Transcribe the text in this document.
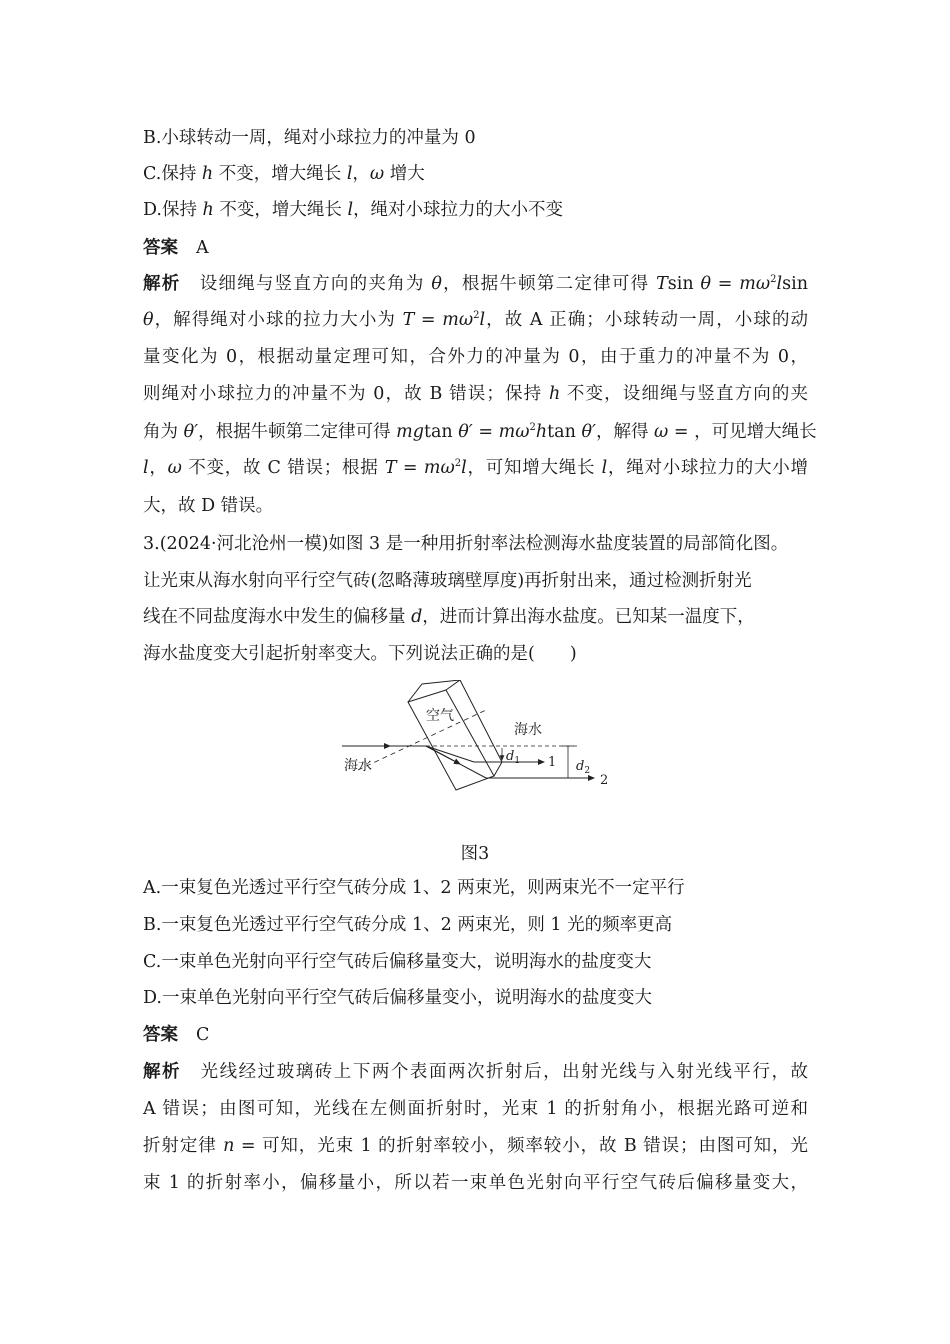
B.小球转动一周，绳对小球拉力的冲量为 0
C.保持 h 不变，增大绳长 l，ω 增大
D.保持 h 不变，增大绳长 l，绳对小球拉力的大小不变
答案 A
解析 设细绳与竖直方向的夹角为 θ，根据牛顿第二定律可得 Tsin $\theta = m\omega^2lsin$
θ，解得绳对小球的拉力大小为 $T = m\omega^2l$，故 A 正确；小球转动一周，小球的动
量变化为 0，根据动量定理可知，合外力的冲量为 0，由于重力的冲量不为 0，
则绳对小球拉力的冲量不为 0，故 B 错误；保持 h 不变，设细绳与竖直方向的夹
角为 θ′，根据牛顿第二定律可得 mgtan $\theta' = m\omega^2htan$ θ′，解得 ω = ，可见增大绳长
l，ω 不变，故 C 错误；根据 $T = m\omega^2l$，可知增大绳长 l，绳对小球拉力的大小增
大，故 D 错误。
3.(2024·河北沧州一模)如图 3 是一种用折射率法检测海水盐度装置的局部简化图。
让光束从海水射向平行空气砖(忽略薄玻璃壁厚度)再折射出来，通过检测折射光
线在不同盐度海水中发生的偏移量 d，进而计算出海水盐度。已知某一温度下，
海水盐度变大引起折射率变大。下列说法正确的是(　　)
空气
海水
海水
$d_1$	$d_2$
1
2
图3
A.一束复色光透过平行空气砖分成 1、2 两束光，则两束光不一定平行
B.一束复色光透过平行空气砖分成 1、2 两束光，则 1 光的频率更高
C.一束单色光射向平行空气砖后偏移量变大，说明海水的盐度变大
D.一束单色光射向平行空气砖后偏移量变小，说明海水的盐度变大
答案 C
解析 光线经过玻璃砖上下两个表面两次折射后，出射光线与入射光线平行，故
A 错误；由图可知，光线在左侧面折射时，光束 1 的折射角小，根据光路可逆和
折射定律 n = 可知，光束 1 的折射率较小，频率较小，故 B 错误；由图可知，光
束 1 的折射率小，偏移量小，所以若一束单色光射向平行空气砖后偏移量变大，
